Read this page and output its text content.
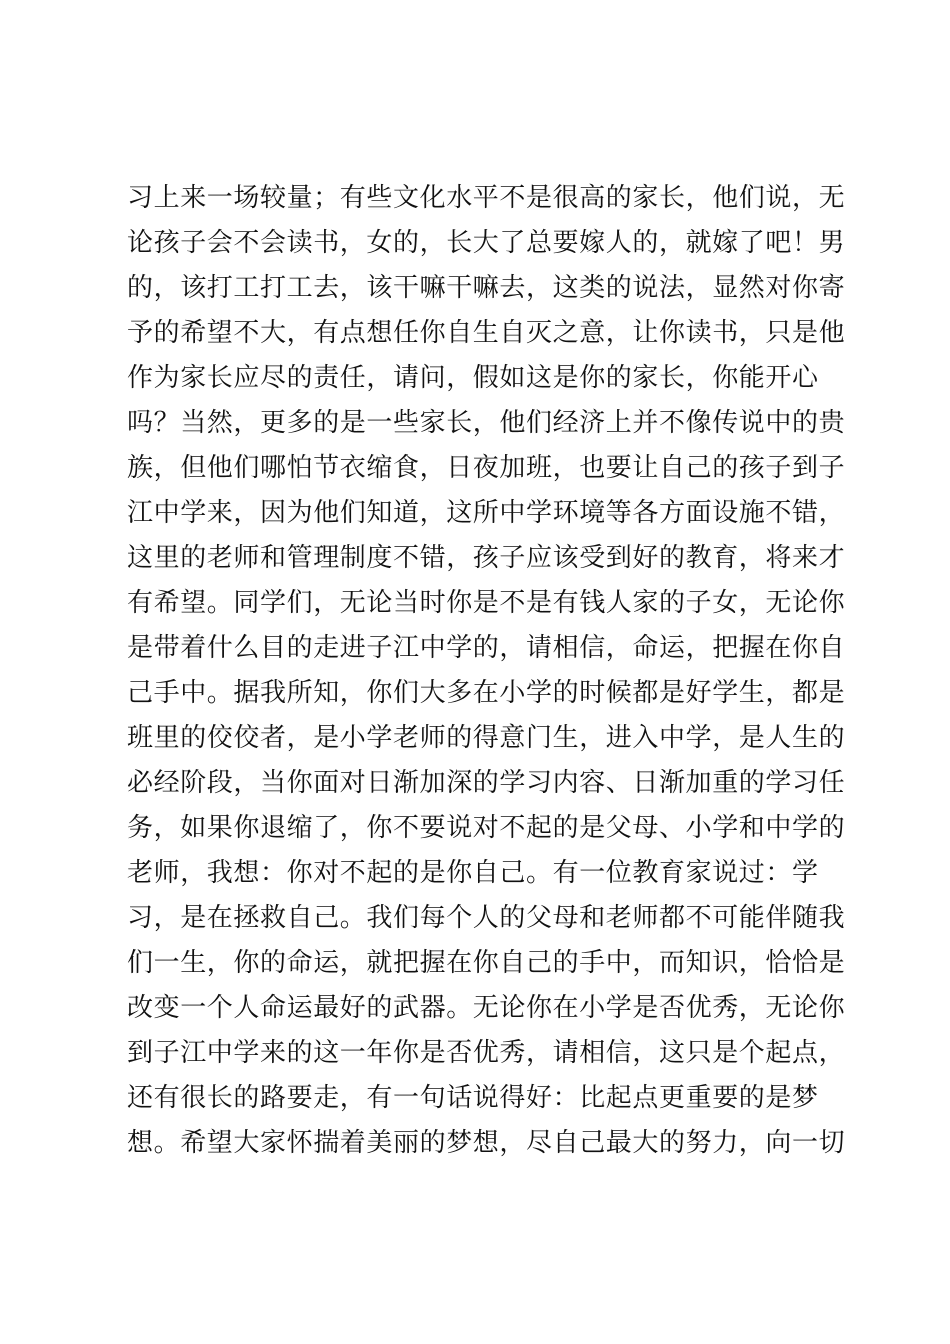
习上来一场较量；有些文化水平不是很高的家长，他们说，无
论孩子会不会读书，女的，长大了总要嫁人的，就嫁了吧！男
的，该打工打工去，该干嘛干嘛去，这类的说法，显然对你寄
予的希望不大，有点想任你自生自灭之意，让你读书，只是他
作为家长应尽的责任，请问，假如这是你的家长，你能开心
吗？当然，更多的是一些家长，他们经济上并不像传说中的贵
族，但他们哪怕节衣缩食，日夜加班，也要让自己的孩子到子
江中学来，因为他们知道，这所中学环境等各方面设施不错，
这里的老师和管理制度不错，孩子应该受到好的教育，将来才
有希望。同学们，无论当时你是不是有钱人家的子女，无论你
是带着什么目的走进子江中学的，请相信，命运，把握在你自
己手中。据我所知，你们大多在小学的时候都是好学生，都是
班里的佼佼者，是小学老师的得意门生，进入中学，是人生的
必经阶段，当你面对日渐加深的学习内容、日渐加重的学习任
务，如果你退缩了，你不要说对不起的是父母、小学和中学的
老师，我想：你对不起的是你自己。有一位教育家说过：学
习，是在拯救自己。我们每个人的父母和老师都不可能伴随我
们一生，你的命运，就把握在你自己的手中，而知识，恰恰是
改变一个人命运最好的武器。无论你在小学是否优秀，无论你
到子江中学来的这一年你是否优秀，请相信，这只是个起点，
还有很长的路要走，有一句话说得好：比起点更重要的是梦
想。希望大家怀揣着美丽的梦想，尽自己最大的努力，向一切
